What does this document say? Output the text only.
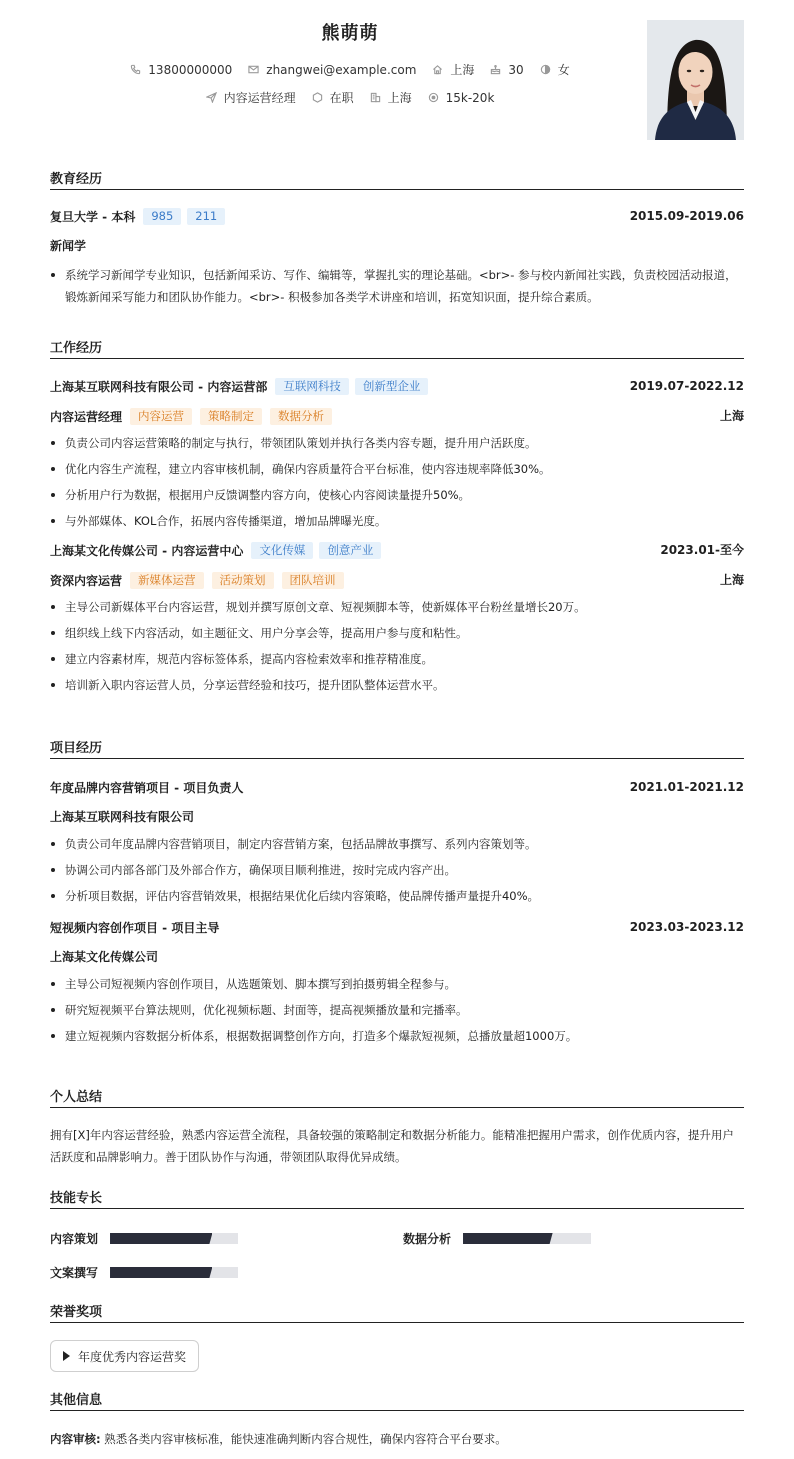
熊萌萌
13800000000	zhangwei@example.com	上海	30	女
内容运营经理	在职	上海	15k-20k
教育经历
复旦大学 - 本科	985	211	2015.09-2019.06
新闻学
系统学习新闻学专业知识，包括新闻采访、写作、编辑等，掌握扎实的理论基础。<br>- 参与校内新闻社实践，负责校园活动报道，锻炼新闻采写能力和团队协作能力。<br>- 积极参加各类学术讲座和培训，拓宽知识面，提升综合素质。
工作经历
上海某互联网科技有限公司 - 内容运营部	互联网科技	创新型企业	2019.07-2022.12
内容运营经理	内容运营	策略制定	数据分析	上海
负责公司内容运营策略的制定与执行，带领团队策划并执行各类内容专题，提升用户活跃度。
优化内容生产流程，建立内容审核机制，确保内容质量符合平台标准，使内容违规率降低30%。
分析用户行为数据，根据用户反馈调整内容方向，使核心内容阅读量提升50%。
与外部媒体、KOL合作，拓展内容传播渠道，增加品牌曝光度。
上海某文化传媒公司 - 内容运营中心	文化传媒	创意产业	2023.01-至今
资深内容运营	新媒体运营	活动策划	团队培训	上海
主导公司新媒体平台内容运营，规划并撰写原创文章、短视频脚本等，使新媒体平台粉丝量增长20万。
组织线上线下内容活动，如主题征文、用户分享会等，提高用户参与度和粘性。
建立内容素材库，规范内容标签体系，提高内容检索效率和推荐精准度。
培训新入职内容运营人员，分享运营经验和技巧，提升团队整体运营水平。
项目经历
年度品牌内容营销项目 - 项目负责人	2021.01-2021.12
上海某互联网科技有限公司
负责公司年度品牌内容营销项目，制定内容营销方案，包括品牌故事撰写、系列内容策划等。
协调公司内部各部门及外部合作方，确保项目顺利推进，按时完成内容产出。
分析项目数据，评估内容营销效果，根据结果优化后续内容策略，使品牌传播声量提升40%。
短视频内容创作项目 - 项目主导	2023.03-2023.12
上海某文化传媒公司
主导公司短视频内容创作项目，从选题策划、脚本撰写到拍摄剪辑全程参与。
研究短视频平台算法规则，优化视频标题、封面等，提高视频播放量和完播率。
建立短视频内容数据分析体系，根据数据调整创作方向，打造多个爆款短视频，总播放量超1000万。
个人总结
拥有[X]年内容运营经验，熟悉内容运营全流程，具备较强的策略制定和数据分析能力。能精准把握用户需求，创作优质内容，提升用户活跃度和品牌影响力。善于团队协作与沟通，带领团队取得优异成绩。
技能专长
内容策划	数据分析
文案撰写
荣誉奖项
年度优秀内容运营奖
其他信息
内容审核: 熟悉各类内容审核标准，能快速准确判断内容合规性，确保内容符合平台要求。
